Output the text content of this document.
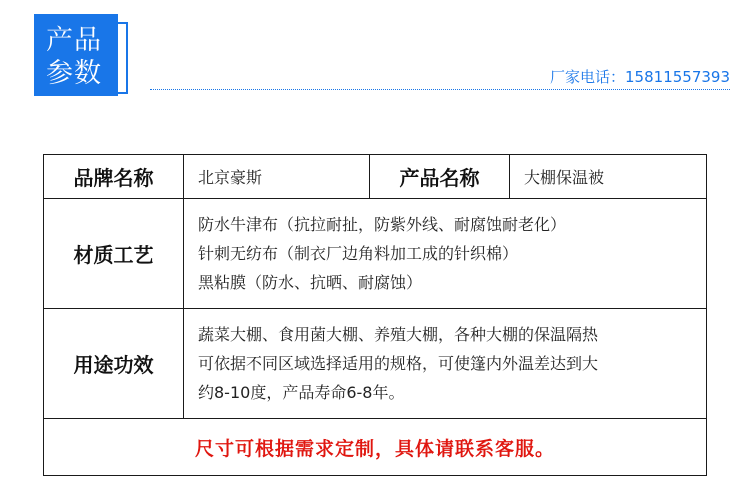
产品
参数	厂家电话：15811557393
品牌名称	北京豪斯	产品名称	大棚保温被
材质工艺	防水牛津布（抗拉耐扯，防紫外线、耐腐蚀耐老化）
针刺无纺布（制衣厂边角料加工成的针织棉）
黑粘膜（防水、抗晒、耐腐蚀）		

用途功效	蔬菜大棚、食用菌大棚、养殖大棚，各种大棚的保温隔热
可依据不同区域选择适用的规格，可使篷内外温差达到大
约8-10度，产品寿命6-8年。		

尺寸可根据需求定制，具体请联系客服。			
